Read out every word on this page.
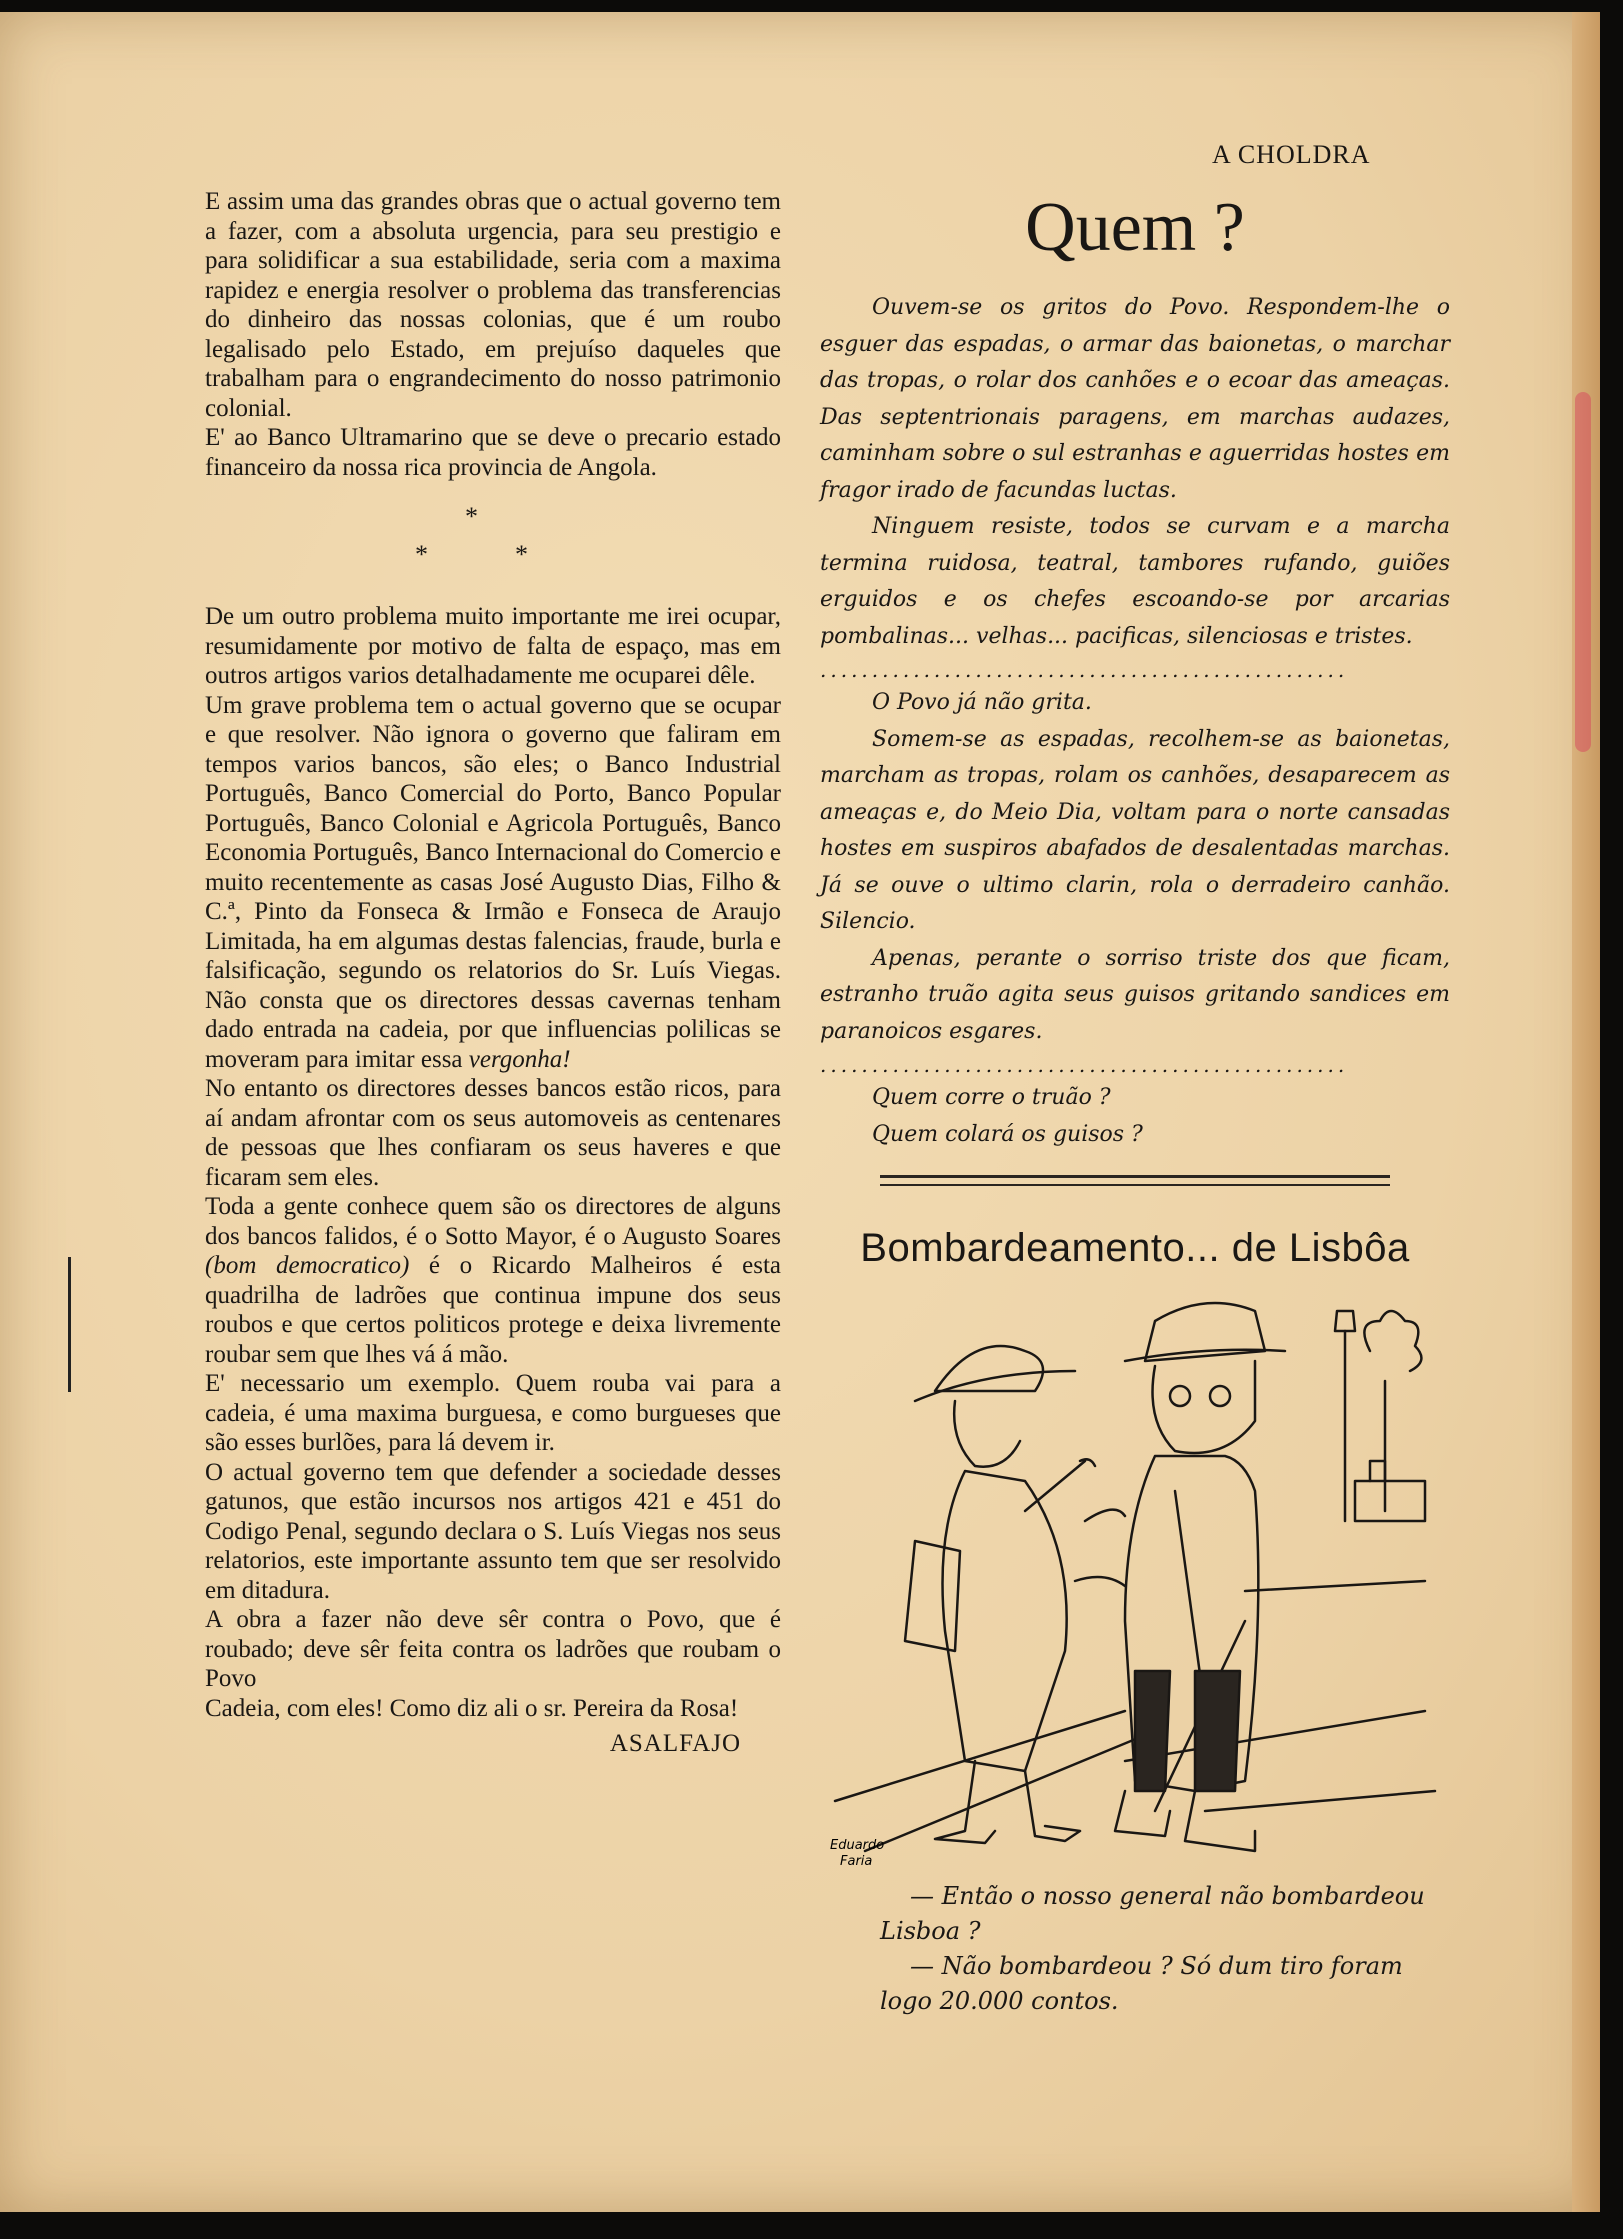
A CHOLDRA

E assim uma das grandes obras que o actual governo tem a fazer, com a absoluta urgencia, para seu prestigio e para solidificar a sua estabilidade, seria com a maxima rapidez e energia resolver o problema das transferencias do dinheiro das nossas colonias, que é um roubo legalisado pelo Estado, em prejuíso daqueles que trabalham para o engrandecimento do nosso patrimonio colonial.

E' ao Banco Ultramarino que se deve o precario estado financeiro da nossa rica provincia de Angola.

*
*	*

De um outro problema muito importante me irei ocupar, resumidamente por motivo de falta de espaço, mas em outros artigos varios detalhadamente me ocuparei dêle.

Um grave problema tem o actual governo que se ocupar e que resolver. Não ignora o governo que faliram em tempos varios bancos, são eles; o Banco Industrial Português, Banco Comercial do Porto, Banco Popular Português, Banco Colonial e Agricola Português, Banco Economia Português, Banco Internacional do Comercio e muito recentemente as casas José Augusto Dias, Filho & C.ª, Pinto da Fonseca & Irmão e Fonseca de Araujo Limitada, ha em algumas destas falencias, fraude, burla e falsificação, segundo os relatorios do Sr. Luís Viegas. Não consta que os directores dessas cavernas tenham dado entrada na cadeia, por que influencias polilicas se moveram para imitar essa vergonha!

No entanto os directores desses bancos estão ricos, para aí andam afrontar com os seus automoveis as centenares de pessoas que lhes confiaram os seus haveres e que ficaram sem eles.

Toda a gente conhece quem são os directores de alguns dos bancos falidos, é o Sotto Mayor, é o Augusto Soares (bom democratico) é o Ricardo Malheiros é esta quadrilha de ladrões que continua impune dos seus roubos e que certos politicos protege e deixa livremente roubar sem que lhes vá á mão.

E' necessario um exemplo. Quem rouba vai para a cadeia, é uma maxima burguesa, e como burgueses que são esses burlões, para lá devem ir.

O actual governo tem que defender a sociedade desses gatunos, que estão incursos nos artigos 421 e 451 do Codigo Penal, segundo declara o S. Luís Viegas nos seus relatorios, este importante assunto tem que ser resolvido em ditadura.

A obra a fazer não deve sêr contra o Povo, que é roubado; deve sêr feita contra os ladrões que roubam o Povo

Cadeia, com eles! Como diz ali o sr. Pereira da Rosa!

ASALFAJO
Quem ?

Ouvem-se os gritos do Povo. Respondem-lhe o esguer das espadas, o armar das baionetas, o marchar das tropas, o rolar dos canhões e o ecoar das ameaças. Das septentrionais paragens, em marchas audazes, caminham sobre o sul estranhas e aguerridas hostes em fragor irado de facundas luctas.

Ninguem resiste, todos se curvam e a marcha termina ruidosa, teatral, tambores rufando, guiões erguidos e os chefes escoando-se por arcarias pombalinas... velhas... pacificas, silenciosas e tristes.

...................................................

O Povo já não grita.

Somem-se as espadas, recolhem-se as baionetas, marcham as tropas, rolam os canhões, desaparecem as ameaças e, do Meio Dia, voltam para o norte cansadas hostes em suspiros abafados de desalentadas marchas. Já se ouve o ultimo clarin, rola o derradeiro canhão. Silencio.

Apenas, perante o sorriso triste dos que ficam, estranho truão agita seus guisos gritando sandices em paranoicos esgares.

...................................................

Quem corre o truão ?

Quem colará os guisos ?

Bombardeamento... de Lisbôa
Eduardo
Faria

— Então o nosso general não bombardeou Lisboa ?

— Não bombardeou ? Só dum tiro foram logo 20.000 contos.
